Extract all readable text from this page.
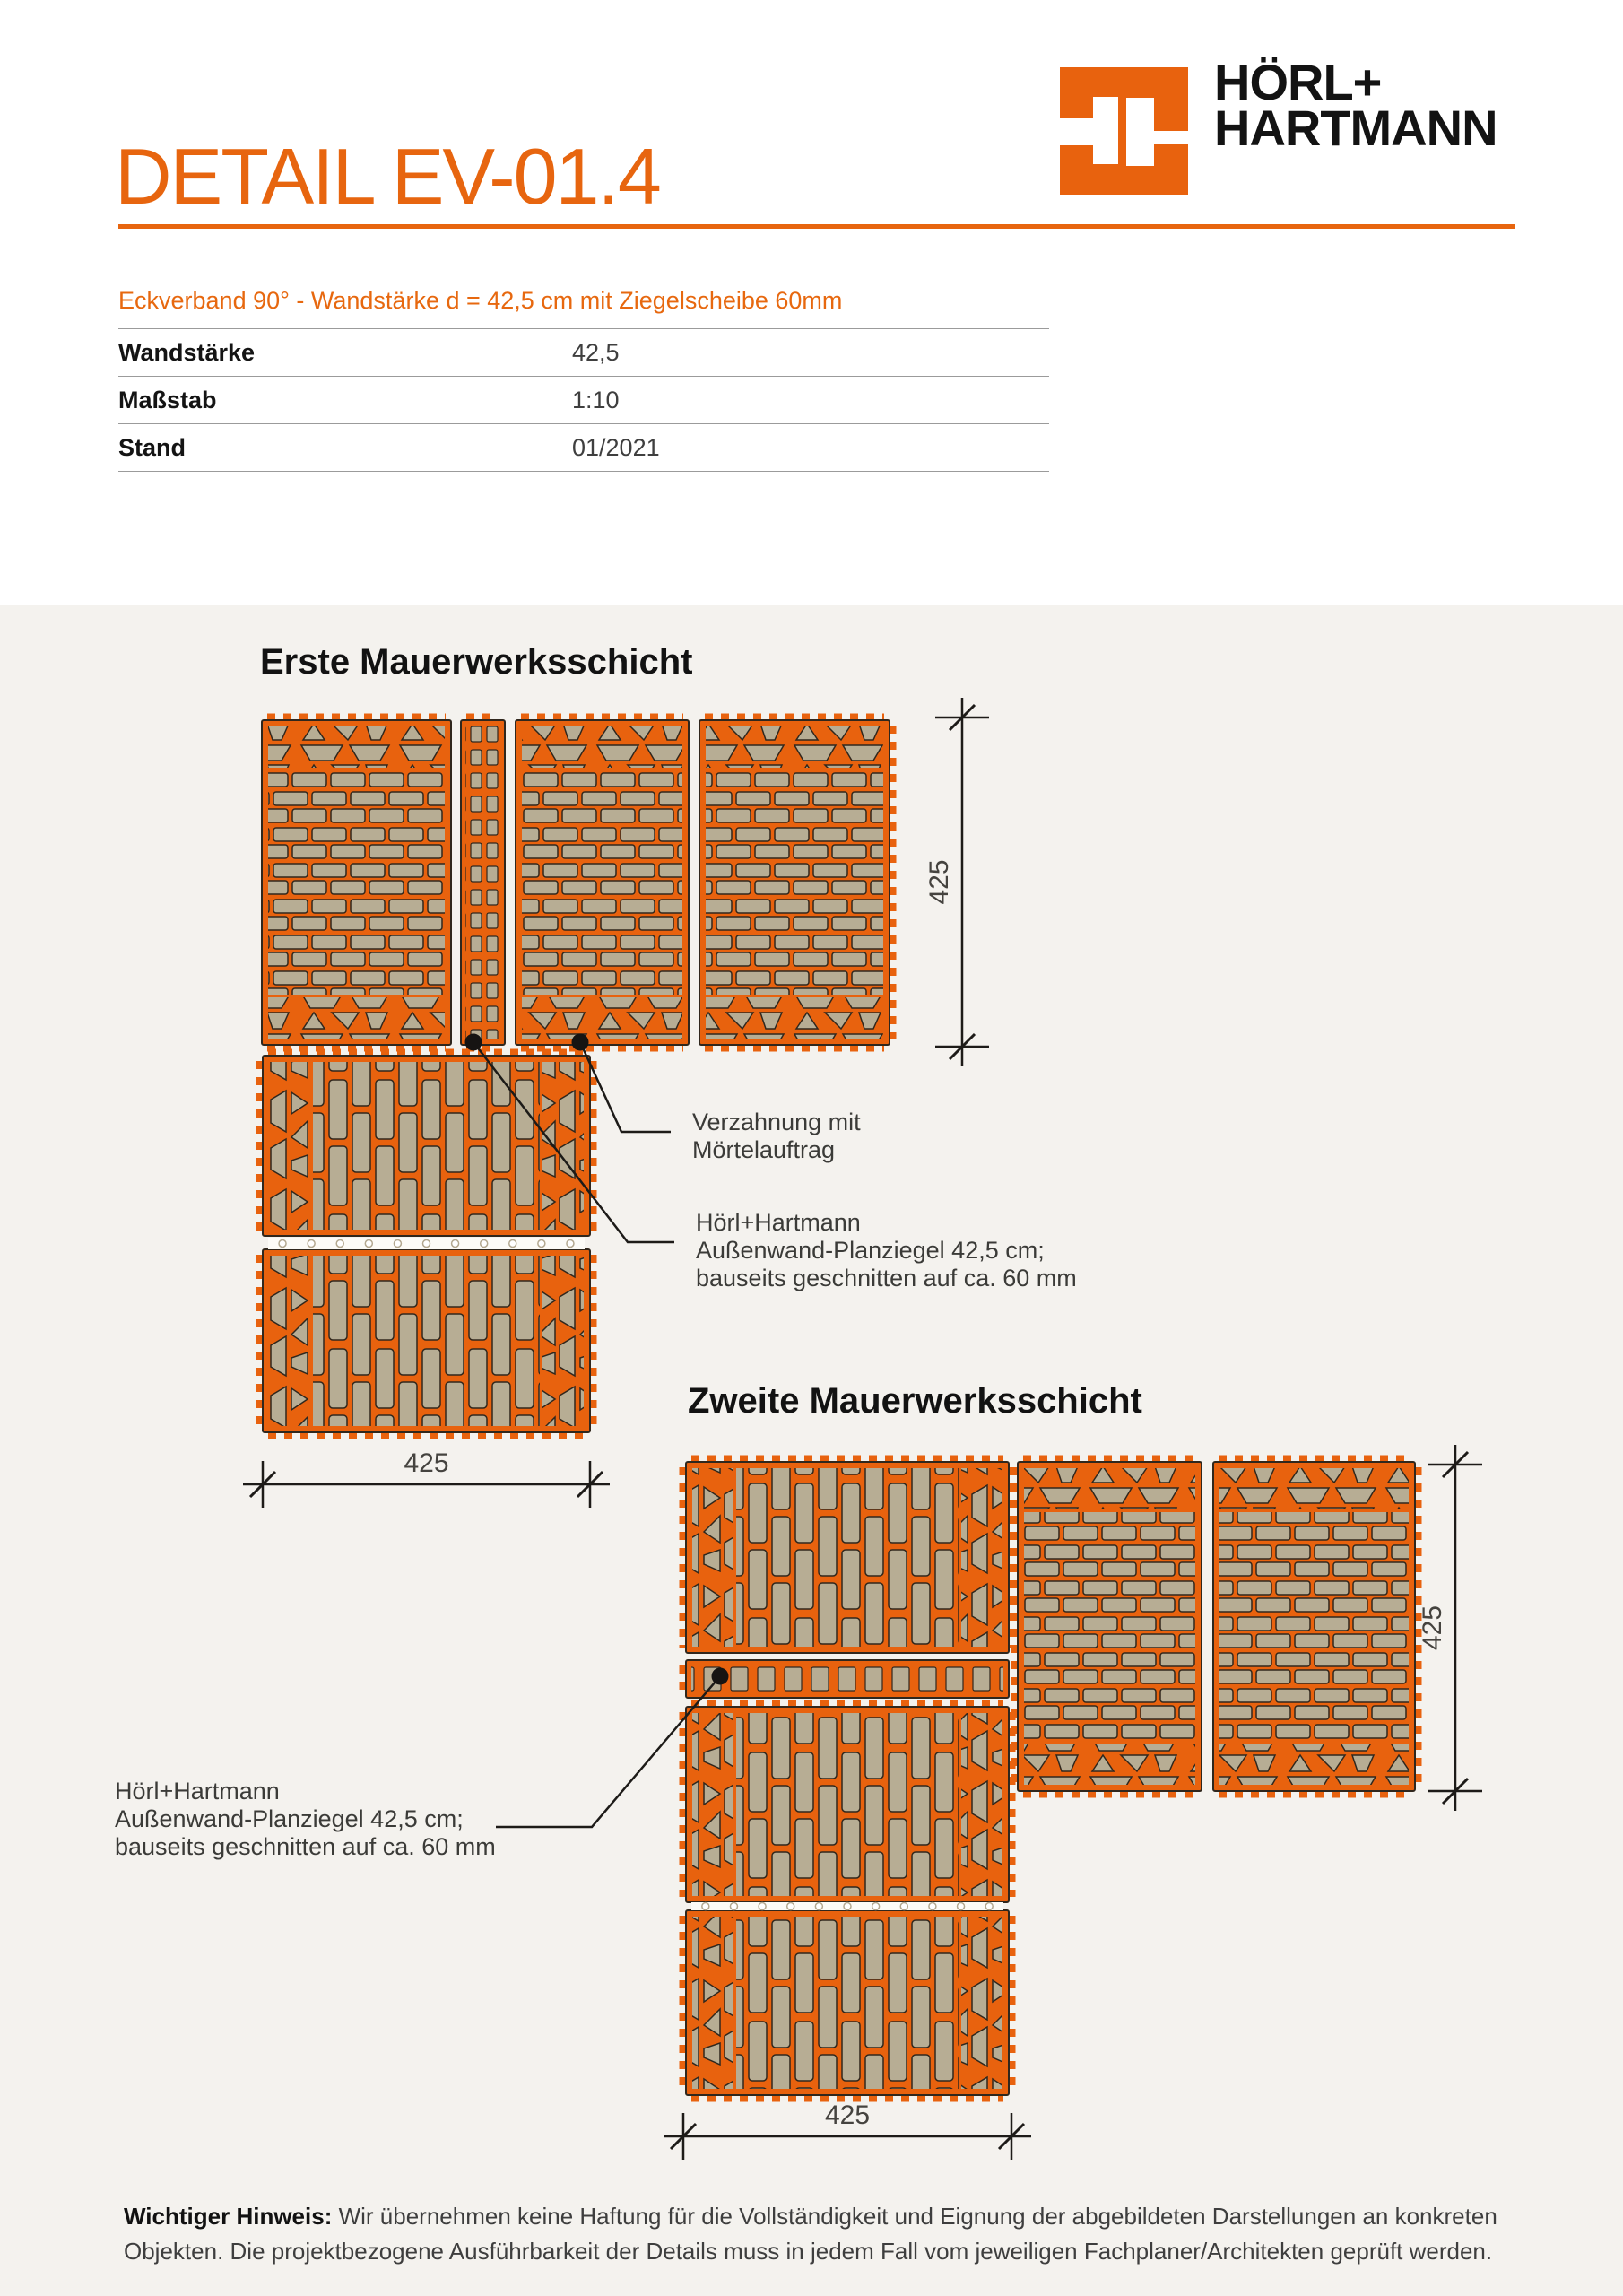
DETAIL EV-01.4
HÖRL+
HARTMANN
Eckverband 90° - Wandstärke d = 42,5 cm mit Ziegelscheibe 60mm
Wandstärke	42,5
Maßstab	1:10
Stand	01/2021
425
425
425
425
Erste Mauerwerksschicht
Zweite Mauerwerksschicht
Verzahnung mit
Mörtelauftrag
Hörl+Hartmann
Außenwand-Planziegel 42,5 cm;
bauseits geschnitten auf ca. 60 mm
Hörl+Hartmann
Außenwand-Planziegel 42,5 cm;
bauseits geschnitten auf ca. 60 mm
Wichtiger Hinweis: Wir übernehmen keine Haftung für die Vollständigkeit und Eignung der abgebildeten Darstellungen an konkreten Objekten. Die projektbezogene Ausführbarkeit der Details muss in jedem Fall vom jeweiligen Fachplaner/Architekten geprüft werden.
